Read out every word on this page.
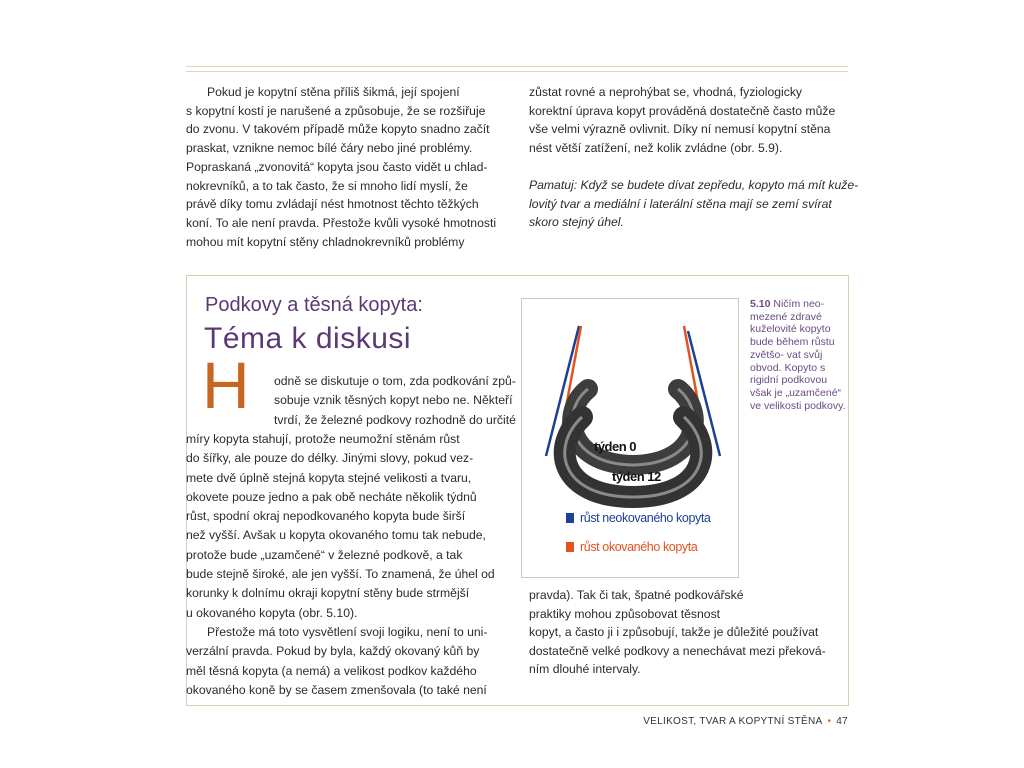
Pokud je kopytní stěna příliš šikmá, její spojení
s kopytní kostí je narušené a způsobuje, že se rozšiřuje
do zvonu. V takovém případě může kopyto snadno začít
praskat, vznikne nemoc bílé čáry nebo jiné problémy.
Popraskaná „zvonovitá“ kopyta jsou často vidět u chlad-
nokrevníků, a to tak často, že si mnoho lidí myslí, že
právě díky tomu zvládají nést hmotnost těchto těžkých
koní. To ale není pravda. Přestože kvůli vysoké hmotnosti
mohou mít kopytní stěny chladnokrevníků problémy
zůstat rovné a neprohýbat se, vhodná, fyziologicky
korektní úprava kopyt prováděná dostatečně často může
vše velmi výrazně ovlivnit. Díky ní nemusí kopytní stěna
nést větší zatížení, než kolik zvládne (obr. 5.9).
Pamatuj: Když se budete dívat zepředu, kopyto má mít kuže-
lovitý tvar a mediální i laterální stěna mají se zemí svírat
skoro stejný úhel.
Podkovy a těsná kopyta:
Téma k diskusi
H odně se diskutuje o tom, zda podkování způ-
sobuje vznik těsných kopyt nebo ne. Někteří
tvrdí, že železné podkovy rozhodně do určité
míry kopyta stahují, protože neumožní stěnám růst
do šířky, ale pouze do délky. Jinými slovy, pokud vez-
mete dvě úplně stejná kopyta stejné velikosti a tvaru,
okovete pouze jedno a pak obě necháte několik týdnů
růst, spodní okraj nepodkovaného kopyta bude širší
než vyšší. Avšak u kopyta okovaného tomu tak nebude,
protože bude „uzamčené“ v železné podkově, a tak
bude stejně široké, ale jen vyšší. To znamená, že úhel od
korunky k dolnímu okraji kopytní stěny bude strmější
u okovaného kopyta (obr. 5.10).
Přestože má toto vysvětlení svoji logiku, není to uni-
verzální pravda. Pokud by byla, každý okovaný kůň by
měl těsná kopyta (a nemá) a velikost podkov každého
okovaného koně by se časem zmenšovala (to také není
pravda). Tak či tak, špatné podkovářské
praktiky mohou způsobovat těsnost
kopyt, a často ji i způsobují, takže je důležité používat
dostatečně velké podkovy a nenechávat mezi překová-
ním dlouhé intervaly.
týden 0
týden 12
růst neokovaného kopyta
růst okovaného kopyta
5.10 Ničím neo- mezené zdravé kuželovité kopyto bude během růstu zvětšo- vat svůj obvod. Kopyto s rigidní podkovou však je „uzamčené“ ve velikosti podkovy.
VELIKOST, TVAR A KOPYTNÍ STĚNA • 47
